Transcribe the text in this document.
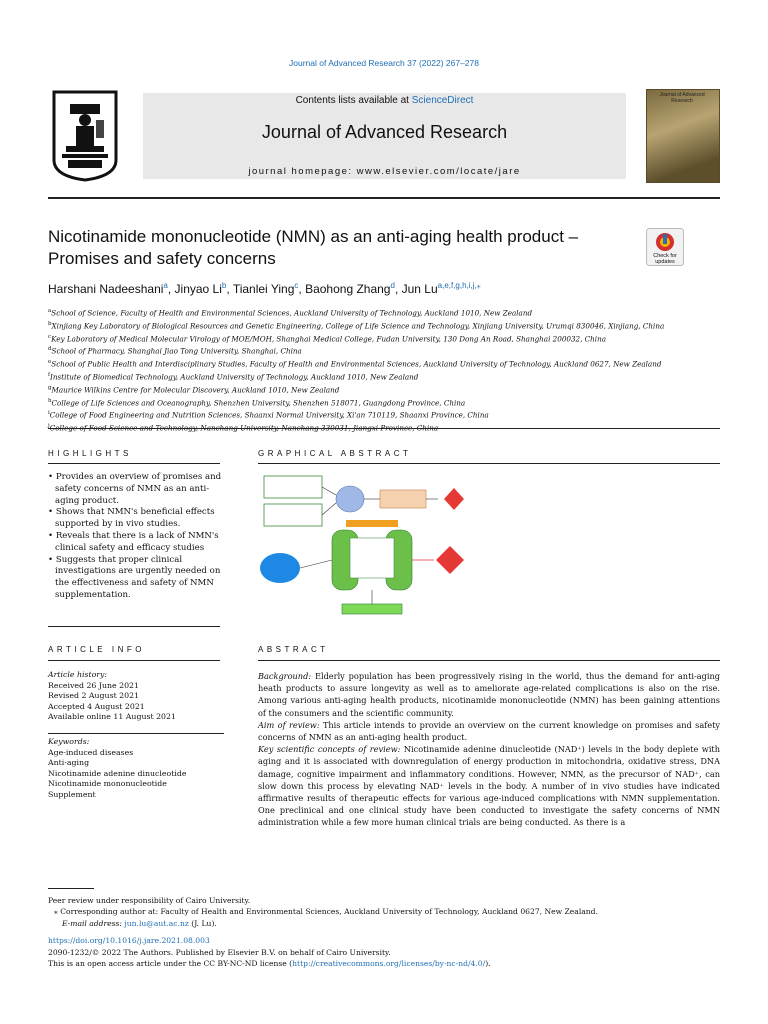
Journal of Advanced Research 37 (2022) 267–278
Contents lists available at ScienceDirect
Journal of Advanced Research
journal homepage: www.elsevier.com/locate/jare
Journal of Advanced Research
Nicotinamide mononucleotide (NMN) as an anti-aging health product – Promises and safety concerns	Check for updates
Harshani Nadeeshani$^a$, Jinyao Li$^b$, Tianlei Ying$^c$, Baohong Zhang$^d$, Jun $Lu^{a,e,f,g,h,i,j,⁎}$
$^a$School of Science, Faculty of Health and Environmental Sciences, Auckland University of Technology, Auckland 1010, New Zealand
$^b$Xinjiang Key Laboratory of Biological Resources and Genetic Engineering, College of Life Science and Technology, Xinjiang University, Urumqi 830046, Xinjiang, China
$^c$Key Laboratory of Medical Molecular Virology of MOE/MOH, Shanghai Medical College, Fudan University, 130 Dong An Road, Shanghai 200032, China
$^d$School of Pharmacy, Shanghai Jiao Tong University, Shanghai, China
$^e$School of Public Health and Interdisciplinary Studies, Faculty of Health and Environmental Sciences, Auckland University of Technology, Auckland 0627, New Zealand
$^f$Institute of Biomedical Technology, Auckland University of Technology, Auckland 1010, New Zealand
$^g$Maurice Wilkins Centre for Molecular Discovery, Auckland 1010, New Zealand
$^h$College of Life Sciences and Oceanography, Shenzhen University, Shenzhen 518071, Guangdong Province, China
$^i$College of Food Engineering and Nutrition Sciences, Shaanxi Normal University, Xi'an 710119, Shaanxi Province, China
$^j$College of Food Science and Technology, Nanchang University, Nanchang 330031, Jiangxi Province, China
HIGHLIGHTS
• Provides an overview of promises and safety concerns of NMN as an anti-aging product.
• Shows that NMN's beneficial effects supported by in vivo studies.
• Reveals that there is a lack of NMN's clinical safety and efficacy studies
• Suggests that proper clinical investigations are urgently needed on the effectiveness and safety of NMN supplementation.
GRAPHICAL ABSTRACT
ARTICLE INFO
Article history:
Received 26 June 2021
Revised 2 August 2021
Accepted 4 August 2021
Available online 11 August 2021
Keywords:
Age-induced diseases
Anti-aging
Nicotinamide adenine dinucleotide
Nicotinamide mononucleotide
Supplement
ABSTRACT
Background: Elderly population has been progressively rising in the world, thus the demand for anti-aging heath products to assure longevity as well as to ameliorate age-related complications is also on the rise. Among various anti-aging health products, nicotinamide mononucleotide (NMN) has been gaining attentions of the consumers and the scientific community.
Aim of review: This article intends to provide an overview on the current knowledge on promises and safety concerns of NMN as an anti-aging health product.
Key scientific concepts of review: Nicotinamide adenine dinucleotide (NAD⁺) levels in the body deplete with aging and it is associated with downregulation of energy production in mitochondria, oxidative stress, DNA damage, cognitive impairment and inflammatory conditions. However, NMN, as the precursor of NAD⁺, can slow down this process by elevating NAD⁺ levels in the body. A number of in vivo studies have indicated affirmative results of therapeutic effects for various age-induced complications with NMN supplementation. One preclinical and one clinical study have been conducted to investigate the safety concerns of NMN administration while a few more human clinical trials are being conducted. As there is a
Peer review under responsibility of Cairo University.
⁎ Corresponding author at: Faculty of Health and Environmental Sciences, Auckland University of Technology, Auckland 0627, New Zealand.
E-mail address: jun.lu@aut.ac.nz (J. Lu).
https://doi.org/10.1016/j.jare.2021.08.003
2090-1232/© 2022 The Authors. Published by Elsevier B.V. on behalf of Cairo University.
This is an open access article under the CC BY-NC-ND license (http://creativecommons.org/licenses/by-nc-nd/4.0/).
